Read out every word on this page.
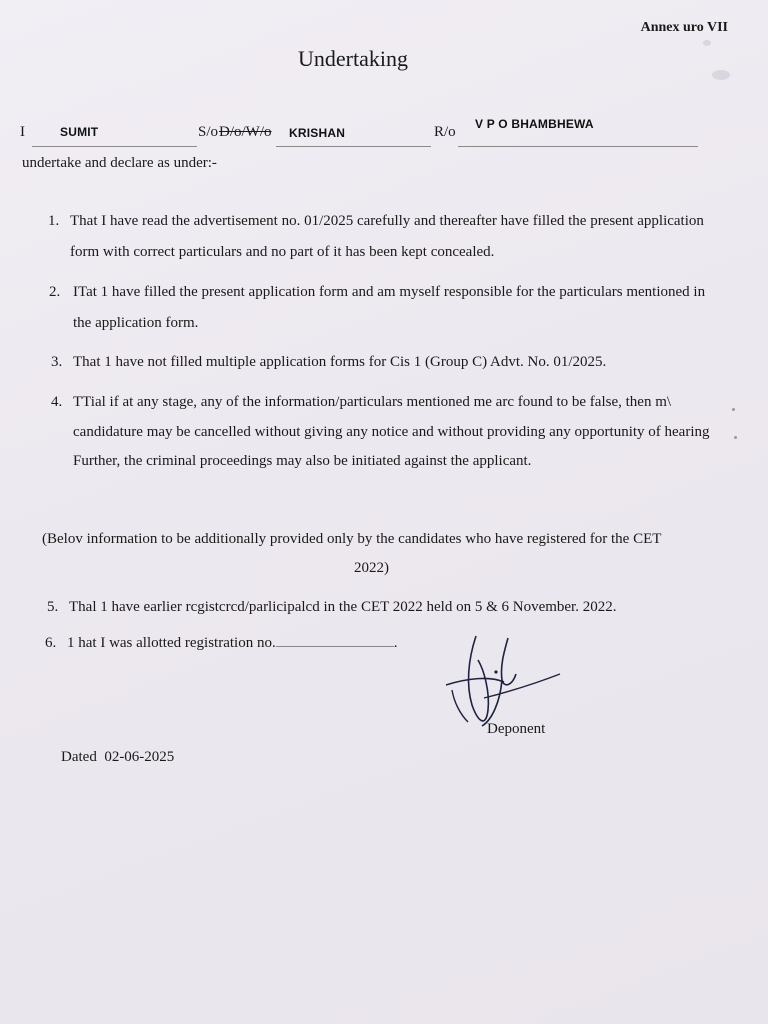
Annex uro VII
Undertaking
I	SUMIT	S/o D/o/W/o KRISHAN	R/o V P O BHAMBHEWA
undertake and declare as under:-
1. That I have read the advertisement no. 01/2025 carefully and thereafter have filled the present application
form with correct particulars and no part of it has been kept concealed.
2. ITat 1 have filled the present application form and am myself responsible for the particulars mentioned in
the application form.
3. That 1 have not filled multiple application forms for Cis 1 (Group C) Advt. No. 01/2025.
4. TTial if at any stage, any of the information/particulars mentioned me arc found to be false, then m\
candidature may be cancelled without giving any notice and without providing any opportunity of hearing
Further, the criminal proceedings may also be initiated against the applicant.
(Belov information to be additionally provided only by the candidates who have registered for the CET
2022)
5. Thal 1 have earlier rcgistcrcd/parlicipalcd in the CET 2022 held on 5 & 6 November. 2022.
6. 1 hat I was allotted registration no.	.
Deponent
Dated  02-06-2025
